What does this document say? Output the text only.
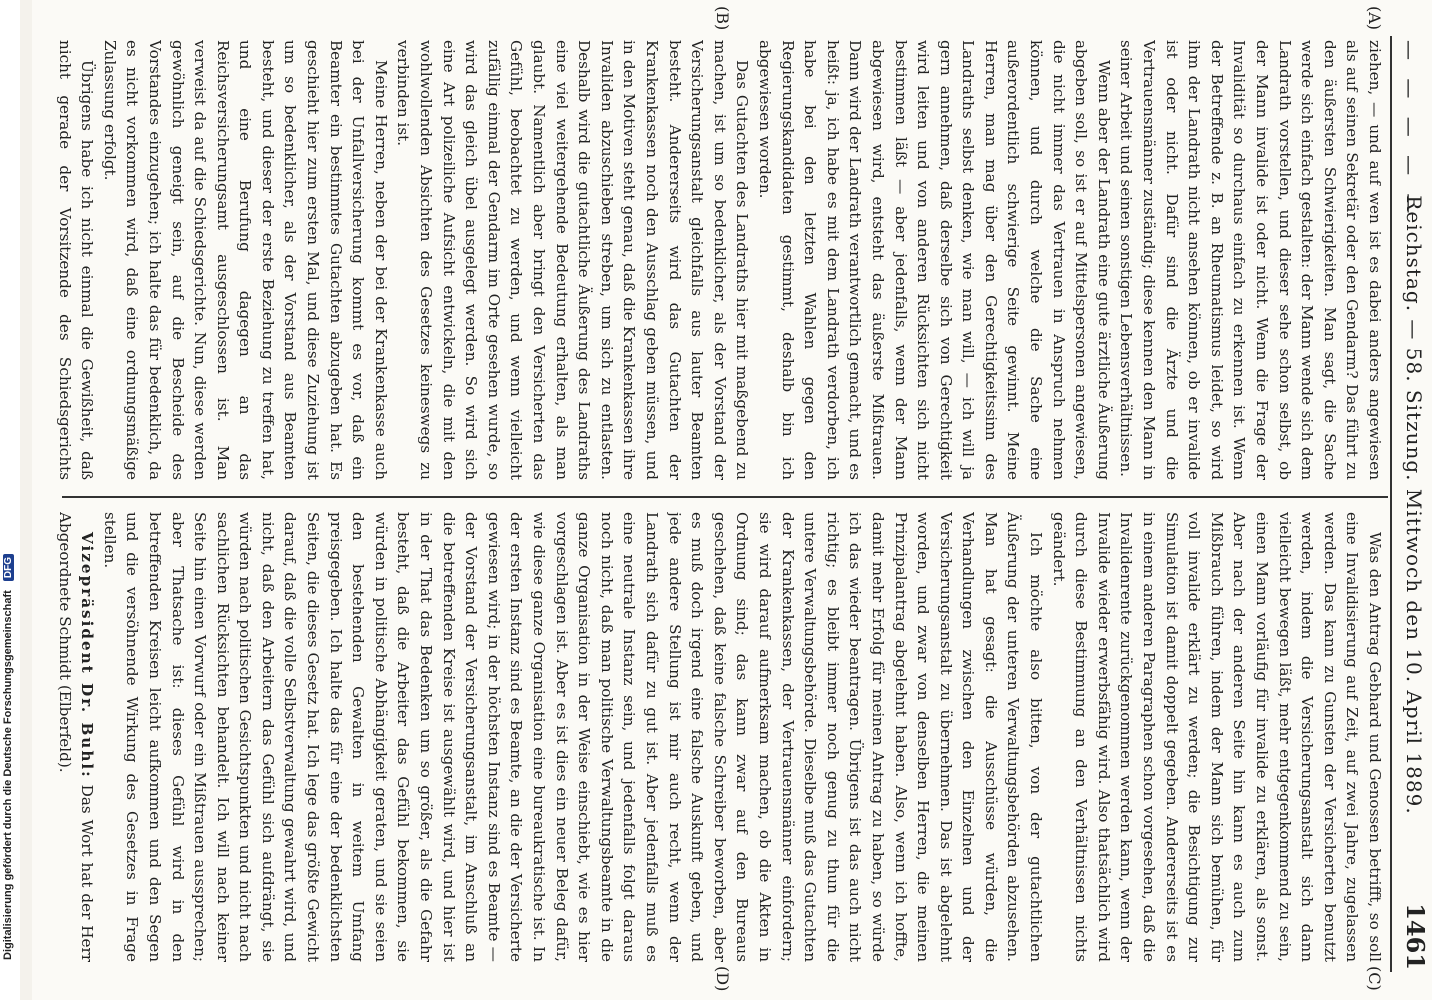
Digitalisierung gefördert durch die Deutsche Forschungsgemeinschaft DFG
— — — — —
Reichstag. — 58. Sitzung. Mittwoch den 10. April 1889.
1461
(A)
(B)
(C)
(D)

ziehen, — und auf wen ist es dabei anders angewiesen als auf seinen Sekretär oder den Gendarm? Das führt zu den äußersten Schwierigkeiten. Man sagt, die Sache werde sich einfach gestalten: der Mann wende sich dem Landrath vorstellen, und dieser sehe schon selbst, ob der Mann invalide ist oder nicht. Wenn die Frage der Invalidität so durchaus einfach zu erkennen ist. Wenn der Betreffende z. B. an Rheumatismus leidet, so wird ihm der Landrath nicht ansehen können, ob er invalide ist oder nicht. Dafür sind die Ärzte und die Vertrauensmänner zuständig; diese kennen den Mann in seiner Arbeit und seinen sonstigen Lebensverhältnissen.

Wenn aber der Landrath eine gute ärztliche Äußerung abgeben soll, so ist er auf Mittelspersonen angewiesen, die nicht immer das Vertrauen in Anspruch nehmen können, und durch welche die Sache eine außerordentlich schwierige Seite gewinnt. Meine Herren, man mag über den Gerechtigkeitssinn des Landraths selbst denken, wie man will, — ich will ja gern annehmen, daß derselbe sich von Gerechtigkeit wird leiten und von anderen Rücksichten sich nicht bestimmen läßt — aber jedenfalls, wenn der Mann abgewiesen wird, entsteht das äußerste Mißtrauen. Dann wird der Landrath verantwortlich gemacht, und es heißt: ja, ich habe es mit dem Landrath verdorben, ich habe bei den letzten Wahlen gegen den Regierungskandidaten gestimmt, deshalb bin ich abgewiesen worden.

Das Gutachten des Landraths hier mit maßgebend zu machen, ist um so bedenklicher, als der Vorstand der Versicherungsanstalt gleichfalls aus lauter Beamten besteht. Andererseits wird das Gutachten der Krankenkassen noch den Ausschlag geben müssen, und in den Motiven steht genau, daß die Krankenkassen ihre Invaliden abzuschieben streben, um sich zu entlasten. Deshalb wird die gutachtliche Äußerung des Landraths eine viel weitergehende Bedeutung erhalten, als man glaubt. Namentlich aber bringt den Versicherten das Gefühl, beobachtet zu werden, und wenn vielleicht zufällig einmal der Gendarm im Orte gesehen wurde, so wird das gleich übel ausgelegt werden. So wird sich eine Art polizeiliche Aufsicht entwickeln, die mit den wohlwollenden Absichten des Gesetzes keineswegs zu verbinden ist.

Meine Herren, neben der bei der Krankenkasse auch bei der Unfallversicherung kommt es vor, daß ein Beamter ein bestimmtes Gutachten abzugeben hat. Es geschieht hier zum ersten Mal, und diese Zuziehung ist um so bedenklicher, als der Vorstand aus Beamten besteht, und dieser der erste Beziehung zu treffen hat, und eine Berufung dagegen an das Reichsversicherungsamt ausgeschlossen ist. Man verweist da auf die Schiedsgerichte. Nun, diese werden gewöhnlich geneigt sein, auf die Bescheide des Vorstandes einzugehen; ich halte das für bedenklich, da es nicht vorkommen wird, daß eine ordnungsmäßige Zulassung erfolgt.

Übrigens habe ich nicht einmal die Gewißheit, daß nicht gerade der Vorsitzende des Schiedsgerichts

Was den Antrag Gebhard und Genossen betrifft, so soll eine Invalidisierung auf Zeit, auf zwei Jahre, zugelassen werden. Das kann zu Gunsten der Versicherten benutzt werden, indem die Versicherungsanstalt sich dann vielleicht bewegen läßt, mehr entgegenkommend zu sein, einen Mann vorläufig für invalide zu erklären, als sonst. Aber nach der anderen Seite hin kann es auch zum Mißbrauch führen, indem der Mann sich bemühen, für voll invalide erklärt zu werden; die Besichtigung zur Simulation ist damit doppelt gegeben. Andererseits ist es in einem anderen Paragraphen schon vorgesehen, daß die Invalidenrente zurückgenommen werden kann, wenn der Invalide wieder erwerbsfähig wird. Also thatsächlich wird durch diese Bestimmung an den Verhältnissen nichts geändert.

Ich möchte also bitten, von der gutachtlichen Äußerung der unteren Verwaltungsbehörden abzusehen. Man hat gesagt: die Ausschüsse würden, die Verhandlungen zwischen den Einzelnen und der Versicherungsanstalt zu übernehmen. Das ist abgelehnt worden, und zwar von denselben Herren, die meinen Prinzipalantrag abgelehnt haben. Also, wenn ich hoffte, damit mehr Erfolg für meinen Antrag zu haben, so würde ich das wieder beantragen. Übrigens ist das auch nicht richtig; es bleibt immer noch genug zu thun für die untere Verwaltungsbehörde. Dieselbe muß das Gutachten der Krankenkassen, der Vertrauensmänner einfordern; sie wird darauf aufmerksam machen, ob die Akten in Ordnung sind; das kann zwar auf den Bureaus geschehen, daß keine falsche Schreiber beworben, aber es muß doch irgend eine falsche Auskunft geben, und jede andere Stellung ist mir auch recht, wenn der Landrath sich dafür zu gut ist. Aber jedenfalls muß es eine neutrale Instanz sein, und jedenfalls folgt daraus noch nicht, daß man politische Verwaltungsbeamte in die ganze Organisation in der Weise einschiebt, wie es hier vorgeschlagen ist. Aber es ist dies ein neuer Beleg dafür, wie diese ganze Organisation eine bureaukratische ist. In der ersten Instanz sind es Beamte, an die der Versicherte gewiesen wird; in der höchsten Instanz sind es Beamte — der Vorstand der Versicherungsanstalt, im Anschluß an die betreffenden Kreise ist ausgewählt wird, und hier ist in der That das Bedenken um so größer, als die Gefahr besteht, daß die Arbeiter das Gefühl bekommen, sie würden in politische Abhängigkeit geraten, und sie seien den bestehenden Gewalten in weitem Umfang preisgegeben. Ich halte das für eine der bedenklichsten Seiten, die dieses Gesetz hat. Ich lege das größte Gewicht darauf, daß die volle Selbstverwaltung gewahrt wird, und nicht, daß den Arbeitern das Gefühl sich aufdrängt, sie würden nach politischen Gesichtspunkten und nicht nach sachlichen Rücksichten behandelt. Ich will nach keiner Seite hin einen Vorwurf oder ein Mißtrauen aussprechen; aber Thatsache ist: dieses Gefühl wird in den betreffenden Kreisen leicht aufkommen und den Segen und die versöhnende Wirkung des Gesetzes in Frage stellen.

Vizepräsident Dr. Buhl: Das Wort hat der Herr Abgeordnete Schmidt (Elberfeld).
